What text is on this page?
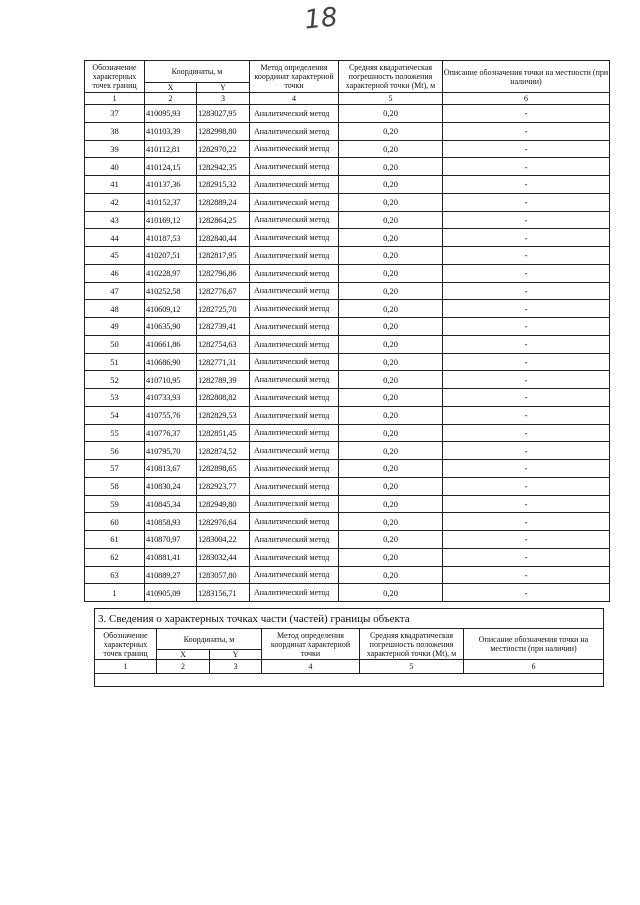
18
Обозначение характерных точек границ	Координаты, м		Метод определения координат характерной точки	Средняя квадратическая погрешность положения характерной точки (Mt), м	Описание обозначения точки на местности (при наличии)
	X	Y			
1	2	3	4	5	6
37	410095,93	1283027,95	Аналитический метод	0,20	-
38	410103,39	1282998,80	Аналитический метод	0,20	-
39	410112,81	1282970,22	Аналитический метод	0,20	-
40	410124,15	1282942,35	Аналитический метод	0,20	-
41	410137,36	1282915,32	Аналитический метод	0,20	-
42	410152,37	1282889,24	Аналитический метод	0,20	-
43	410169,12	1282864,25	Аналитический метод	0,20	-
44	410187,53	1282840,44	Аналитический метод	0,20	-
45	410207,51	1282817,95	Аналитический метод	0,20	-
46	410228,97	1282796,86	Аналитический метод	0,20	-
47	410252,58	1282776,67	Аналитический метод	0,20	-
48	410609,12	1282725,70	Аналитический метод	0,20	-
49	410635,90	1282739,41	Аналитический метод	0,20	-
50	410661,86	1282754,63	Аналитический метод	0,20	-
51	410686,90	1282771,31	Аналитический метод	0,20	-
52	410710,95	1282789,39	Аналитический метод	0,20	-
53	410733,93	1282808,82	Аналитический метод	0,20	-
54	410755,76	1282829,53	Аналитический метод	0,20	-
55	410776,37	1282851,45	Аналитический метод	0,20	-
56	410795,70	1282874,52	Аналитический метод	0,20	-
57	410813,67	1282898,65	Аналитический метод	0,20	-
58	410830,24	1282923,77	Аналитический метод	0,20	-
59	410845,34	1282949,80	Аналитический метод	0,20	-
60	410858,93	1282976,64	Аналитический метод	0,20	-
61	410870,97	1283004,22	Аналитический метод	0,20	-
62	410881,41	1283032,44	Аналитический метод	0,20	-
63	410889,27	1283057,80	Аналитический метод	0,20	-
1	410905,09	1283156,71	Аналитический метод	0,20	-
3. Сведения о характерных точках части (частей) границы объекта					
Обозначение характерных точек границ	Координаты, м		Метод определения координат характерной точки	Средняя квадратическая погрешность положения характерной точки (Mt), м	Описание обозначения точки на местности (при наличии)
	X	Y			
1	2	3	4	5	6
